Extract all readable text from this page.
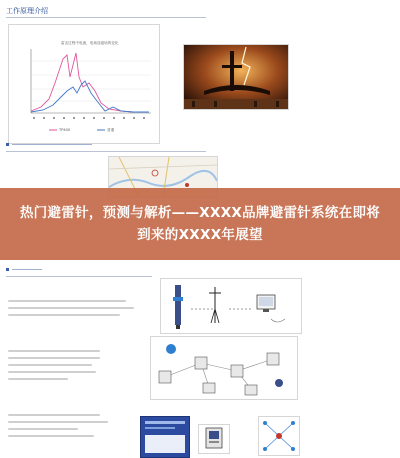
工作原理介绍
雷击过程中电流，电场及磁场的变化
TP400	普通
热门避雷针，预测与解析——XXXX品牌避雷针系统在即将到来的XXXX年展望
